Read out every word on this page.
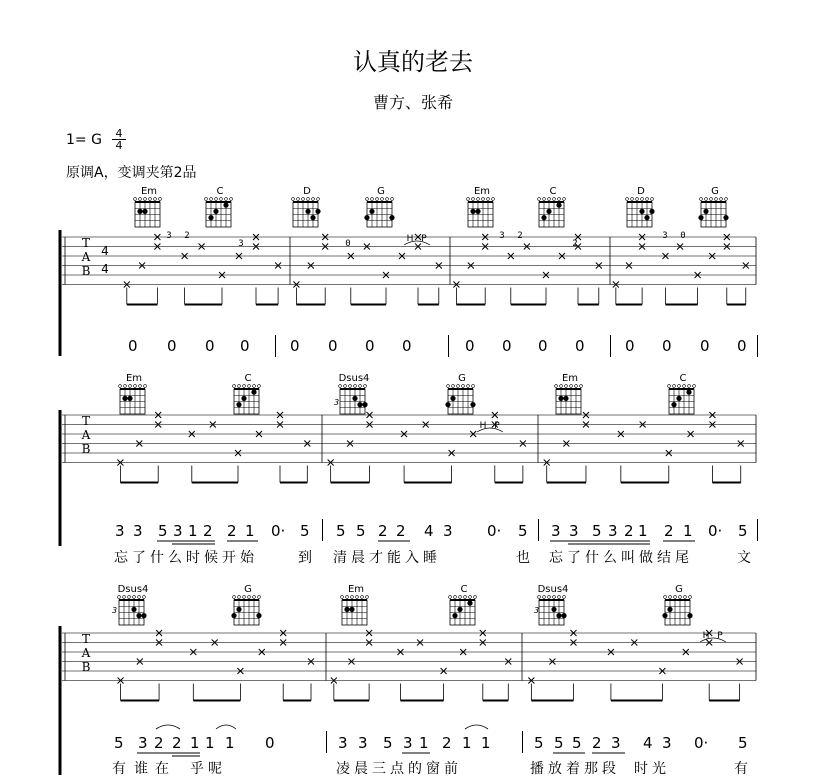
认真的老去
曹方、张希
1= G $\frac{4}{4}$
原调A，变调夹第2品
Em	C	D	G	Em	C	D	G
Em	C	Dsus4	G	Em	C
Dsus4	G	Em	C	Dsus4	G
T
A
B
4
4
T
A
B
T
A
B
3 2
3	0
3 2
2
3 0
H P
H P
H P
0 0 0 0	0 0 0 0	0 0 0 0	0 0 0 0
3 3 5 3 1 2 2 1 0· 5 5 5 2 2 4 3 0· 5 3 3 5 3 2 1 2 1 0· 5
5 3 2 2 1 1 1 0	3 3 5 3 1 2 1 1	5 5 5 2 3 4 3 0· 5
忘 了 什 么 时 候 开 始	到 清 晨 才 能 入 睡	也 忘 了 什 么 叫 做 结 尾	文
有 谁 在 乎 呢	凌 晨 三 点 的 窗 前	播 放 着 那 段 时 光	有
3
3	3
